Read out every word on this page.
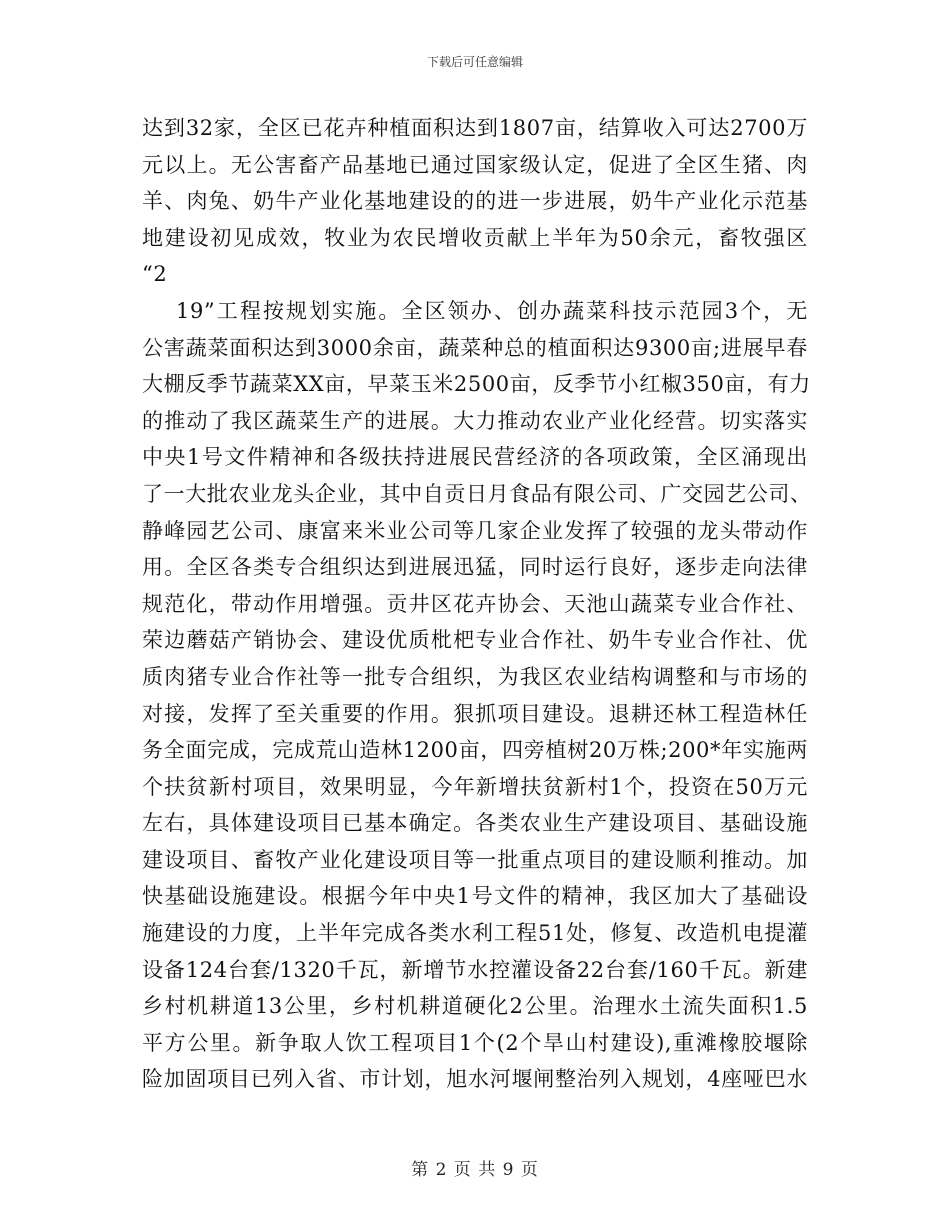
下载后可任意编辑
达到32家，全区已花卉种植面积达到1807亩，结算收入可达2700万
元以上。无公害畜产品基地已通过国家级认定，促进了全区生猪、肉
羊、肉兔、奶牛产业化基地建设的的进一步进展，奶牛产业化示范基
地建设初见成效，牧业为农民增收贡献上半年为50余元，畜牧强区
“2
19”工程按规划实施。全区领办、创办蔬菜科技示范园3个，无
公害蔬菜面积达到3000余亩，蔬菜种总的植面积达9300亩;进展早春
大棚反季节蔬菜XX亩，早菜玉米2500亩，反季节小红椒350亩，有力
的推动了我区蔬菜生产的进展。大力推动农业产业化经营。切实落实
中央1号文件精神和各级扶持进展民营经济的各项政策，全区涌现出
了一大批农业龙头企业，其中自贡日月食品有限公司、广交园艺公司、
静峰园艺公司、康富来米业公司等几家企业发挥了较强的龙头带动作
用。全区各类专合组织达到进展迅猛，同时运行良好，逐步走向法律
规范化，带动作用增强。贡井区花卉协会、天池山蔬菜专业合作社、
荣边蘑菇产销协会、建设优质枇杷专业合作社、奶牛专业合作社、优
质肉猪专业合作社等一批专合组织，为我区农业结构调整和与市场的
对接，发挥了至关重要的作用。狠抓项目建设。退耕还林工程造林任
务全面完成，完成荒山造林1200亩，四旁植树20万株;200*年实施两
个扶贫新村项目，效果明显，今年新增扶贫新村1个，投资在50万元
左右，具体建设项目已基本确定。各类农业生产建设项目、基础设施
建设项目、畜牧产业化建设项目等一批重点项目的建设顺利推动。加
快基础设施建设。根据今年中央1号文件的精神，我区加大了基础设
施建设的力度，上半年完成各类水利工程51处，修复、改造机电提灌
设备124台套/1320千瓦，新增节水控灌设备22台套/160千瓦。新建
乡村机耕道13公里，乡村机耕道硬化2公里。治理水土流失面积1.5
平方公里。新争取人饮工程项目1个(2个旱山村建设),重滩橡胶堰除
险加固项目已列入省、市计划，旭水河堰闸整治列入规划，4座哑巴水
第 2 页 共 9 页
